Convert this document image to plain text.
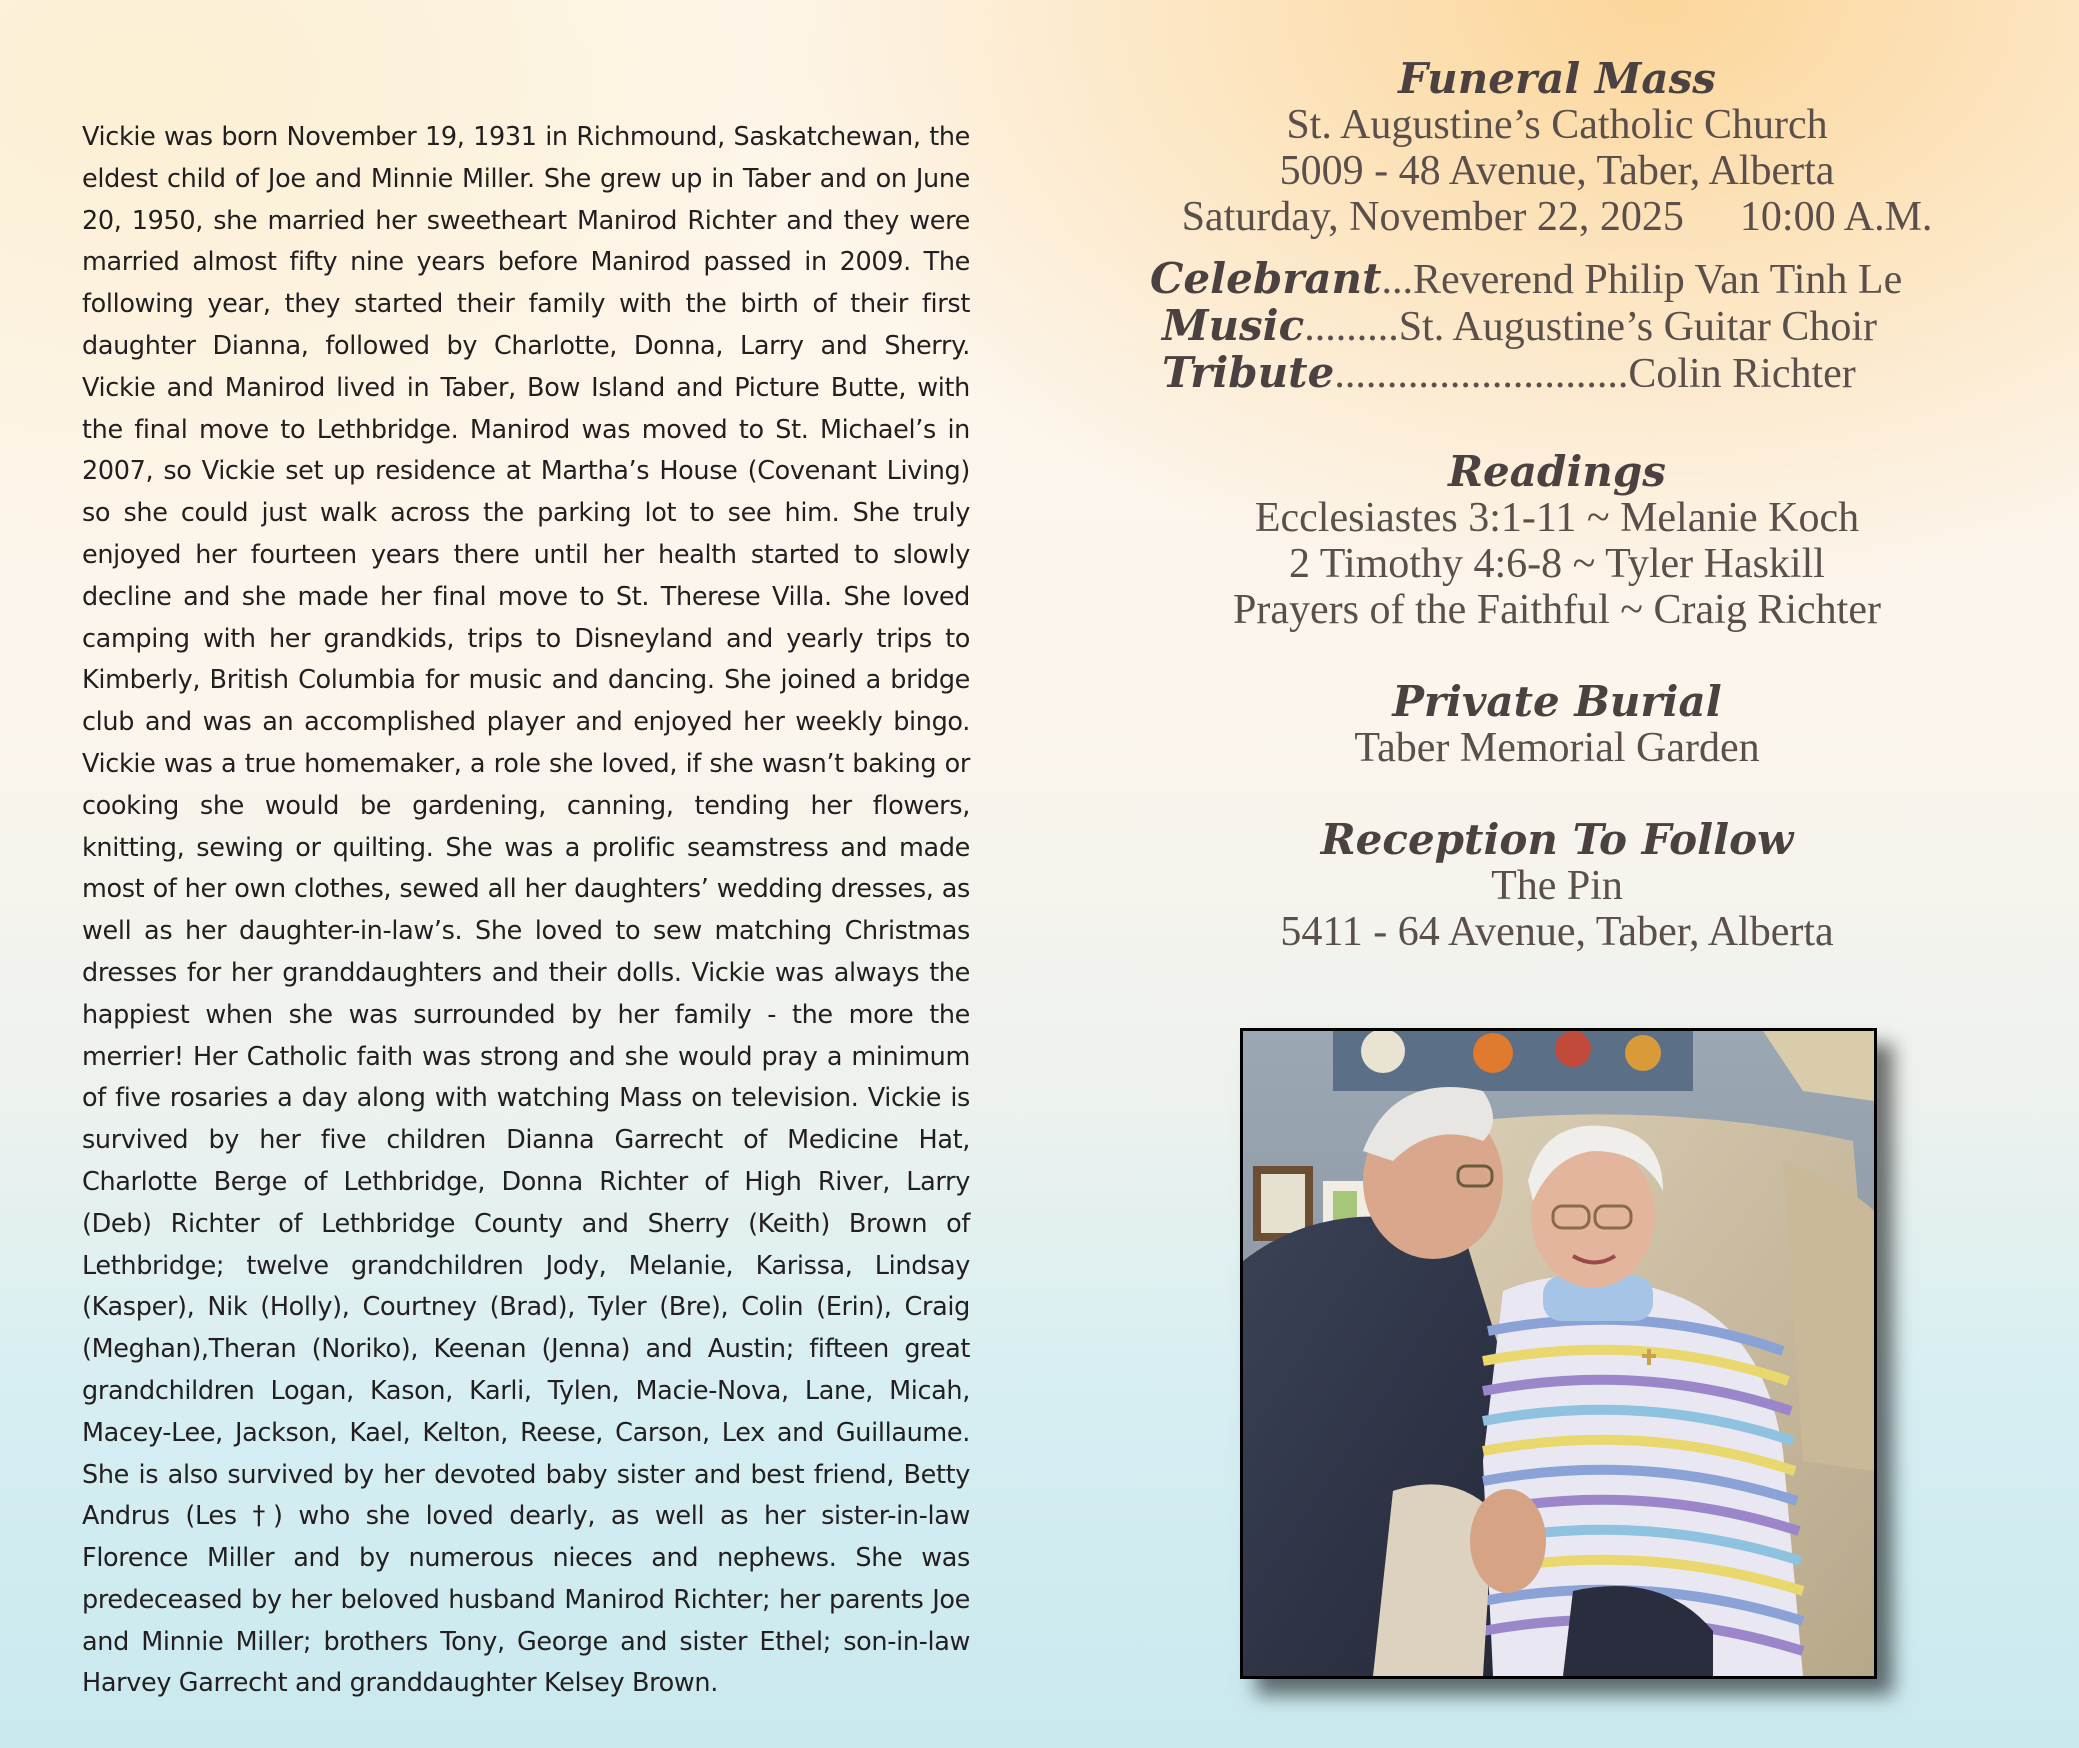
Vickie was born November 19, 1931 in Richmound, Saskatchewan, the eldest child of Joe and Minnie Miller. She grew up in Taber and on June 20, 1950, she married her sweetheart Manirod Richter and they were married almost fifty nine years before Manirod passed in 2009. The following year, they started their family with the birth of their first daughter Dianna, followed by Charlotte, Donna, Larry and Sherry. Vickie and Manirod lived in Taber, Bow Island and Picture Butte, with the final move to Lethbridge. Manirod was moved to St. Michael’s in 2007, so Vickie set up residence at Martha’s House (Covenant Living) so she could just walk across the parking lot to see him. She truly enjoyed her fourteen years there until her health started to slowly decline and she made her final move to St. Therese Villa. She loved camping with her grandkids, trips to Disneyland and yearly trips to Kimberly, British Columbia for music and dancing. She joined a bridge club and was an accomplished player and enjoyed her weekly bingo. Vickie was a true homemaker, a role she loved, if she wasn’t baking or cooking she would be gardening, canning, tending her flowers, knitting, sewing or quilting. She was a prolific seamstress and made most of her own clothes, sewed all her daughters’ wedding dresses, as well as her daughter-in-law’s. She loved to sew matching Christmas dresses for her granddaughters and their dolls. Vickie was always the happiest when she was surrounded by her family - the more the merrier! Her Catholic faith was strong and she would pray a minimum of five rosaries a day along with watching Mass on television. Vickie is survived by her five children Dianna Garrecht of Medicine Hat, Charlotte Berge of Lethbridge, Donna Richter of High River, Larry (Deb) Richter of Lethbridge County and Sherry (Keith) Brown of Lethbridge; twelve grandchildren Jody, Melanie, Karissa, Lindsay (Kasper), Nik (Holly), Courtney (Brad), Tyler (Bre), Colin (Erin), Craig (Meghan),Theran (Noriko), Keenan (Jenna) and Austin; fifteen great grandchildren Logan, Kason, Karli, Tylen, Macie-Nova, Lane, Micah, Macey-Lee, Jackson, Kael, Kelton, Reese, Carson, Lex and Guillaume. She is also survived by her devoted baby sister and best friend, Betty Andrus (Les †) who she loved dearly, as well as her sister-in-law Florence Miller and by numerous nieces and nephews. She was predeceased by her beloved husband Manirod Richter; her parents Joe and Minnie Miller; brothers Tony, George and sister Ethel; son-in-law Harvey Garrecht and granddaughter Kelsey Brown.

Funeral Mass
St. Augustine’s Catholic Church
5009 - 48 Avenue, Taber, Alberta
Saturday, November 22, 2025 10:00 A.M.
Celebrant...Reverend Philip Van Tinh Le
Music.........St. Augustine’s Guitar Choir
Tribute............................Colin Richter
Readings
Ecclesiastes 3:1-11 ~ Melanie Koch
2 Timothy 4:6-8 ~ Tyler Haskill
Prayers of the Faithful ~ Craig Richter
Private Burial
Taber Memorial Garden
Reception To Follow
The Pin
5411 - 64 Avenue, Taber, Alberta
